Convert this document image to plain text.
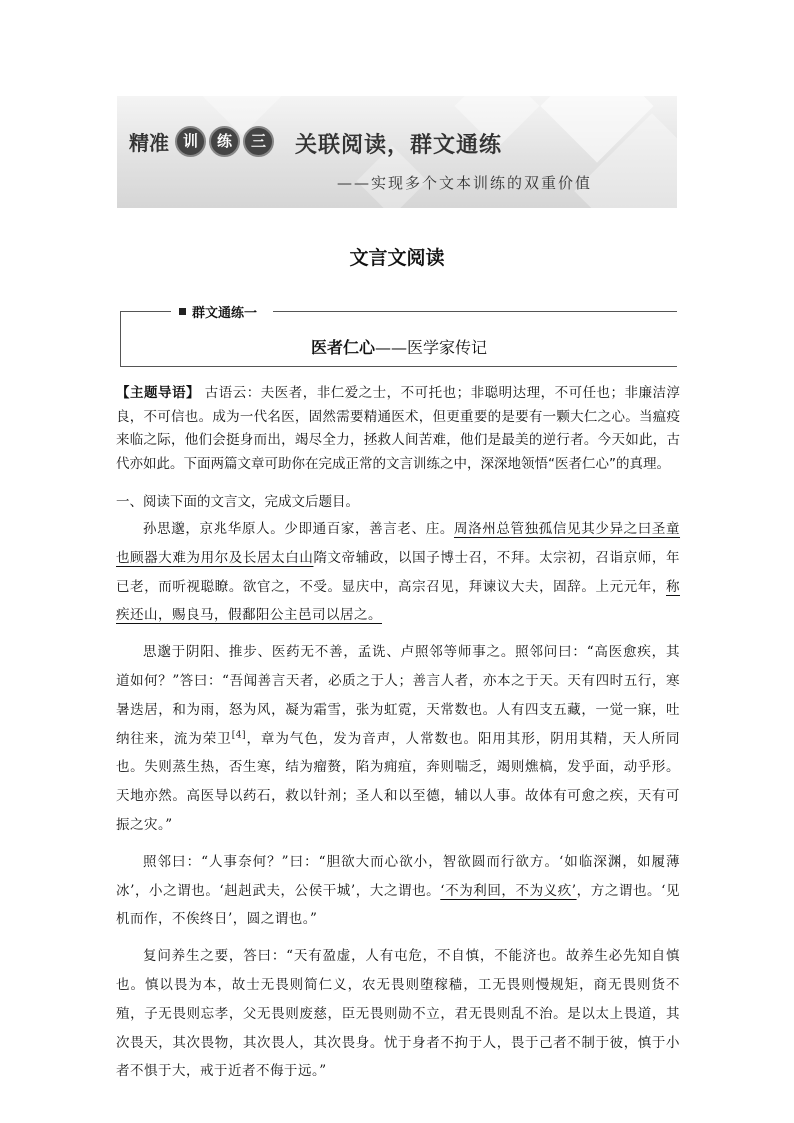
精准 训	练	三	关联阅读，群文通练
——实现多个文本训练的双重价值
文言文阅读
群文通练一
医者仁心——医学家传记
【主题导语】 古语云：夫医者，非仁爱之士，不可托也；非聪明达理，不可任也；非廉洁淳良，不可信也。成为一代名医，固然需要精通医术，但更重要的是要有一颗大仁之心。当瘟疫来临之际，他们会挺身而出，竭尽全力，拯救人间苦难，他们是最美的逆行者。今天如此，古代亦如此。下面两篇文章可助你在完成正常的文言训练之中，深深地领悟“医者仁心”的真理。
一、阅读下面的文言文，完成文后题目。

孙思邈，京兆华原人。少即通百家，善言老、庄。周洛州总管独孤信见其少异之曰圣童也顾器大难为用尔及长居太白山隋文帝辅政，以国子博士召，不拜。太宗初，召诣京师，年已老，而听视聪瞭。欲官之，不受。显庆中，高宗召见，拜谏议大夫，固辞。上元元年，称疾还山，赐良马，假鄱阳公主邑司以居之。

思邈于阴阳、推步、医药无不善，孟诜、卢照邻等师事之。照邻问曰：“高医愈疾，其道如何？”答曰：“吾闻善言天者，必质之于人；善言人者，亦本之于天。天有四时五行，寒暑迭居，和为雨，怒为风，凝为霜雪，张为虹霓，天常数也。人有四支五藏，一觉一寐，吐纳往来，流为荣卫[4]，章为气色，发为音声，人常数也。阳用其形，阴用其精，天人所同也。失则蒸生热，否生寒，结为瘤赘，陷为痈疽，奔则喘乏，竭则燋槁，发乎面，动乎形。天地亦然。高医导以药石，救以针剂；圣人和以至德，辅以人事。故体有可愈之疾，天有可振之灾。”

照邻曰：“人事奈何？”曰：“胆欲大而心欲小，智欲圆而行欲方。‘如临深渊，如履薄冰’，小之谓也。‘赳赳武夫，公侯干城’，大之谓也。‘不为利回，不为义疚’，方之谓也。‘见机而作，不俟终日’，圆之谓也。”

复问养生之要，答曰：“天有盈虚，人有屯危，不自慎，不能济也。故养生必先知自慎也。慎以畏为本，故士无畏则简仁义，农无畏则堕稼穑，工无畏则慢规矩，商无畏则货不殖，子无畏则忘孝，父无畏则废慈，臣无畏则勋不立，君无畏则乱不治。是以太上畏道，其次畏天，其次畏物，其次畏人，其次畏身。忧于身者不拘于人，畏于己者不制于彼，慎于小者不惧于大，戒于近者不侮于远。”
